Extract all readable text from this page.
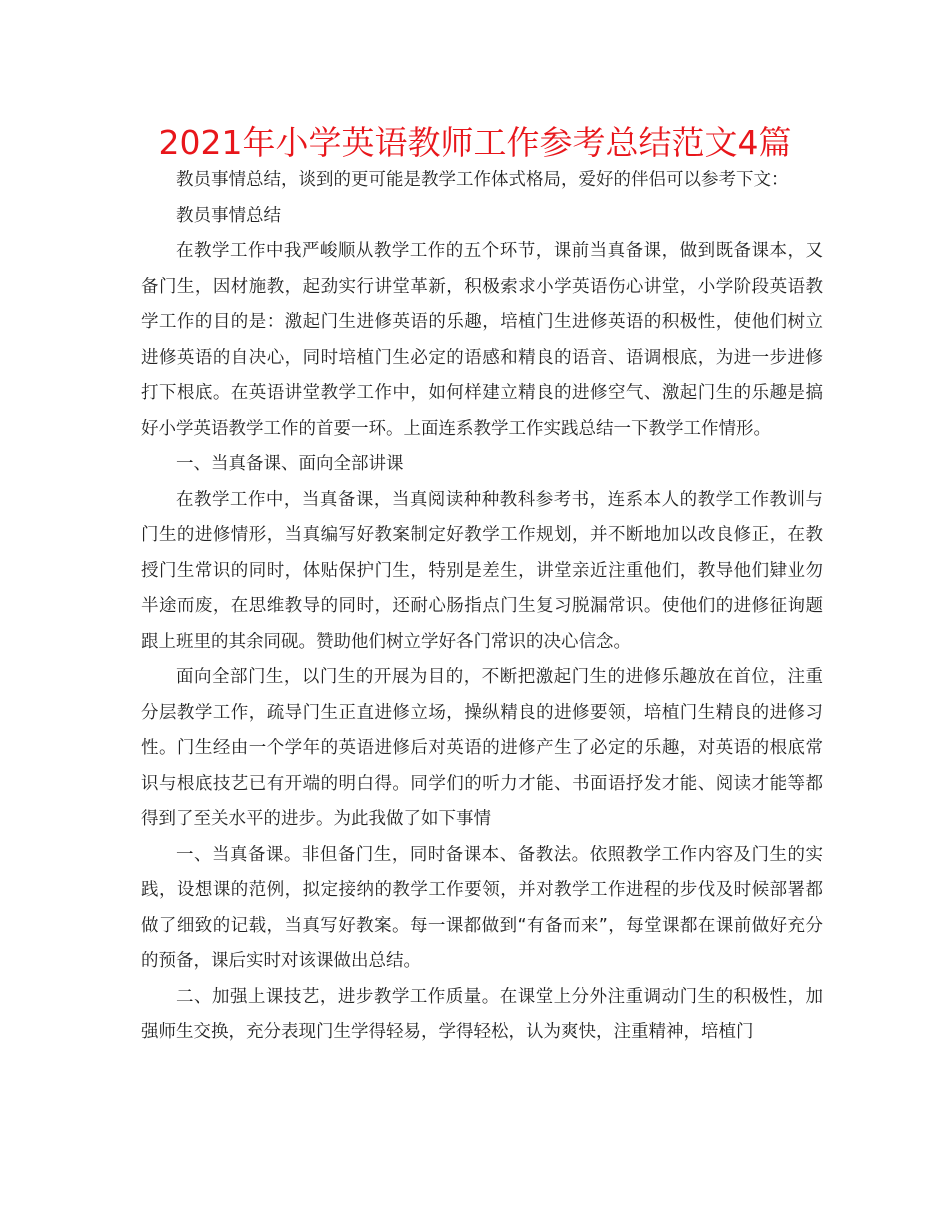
2021年小学英语教师工作参考总结范文4篇

教员事情总结，谈到的更可能是教学工作体式格局，爱好的伴侣可以参考下文：

教员事情总结

在教学工作中我严峻顺从教学工作的五个环节，课前当真备课，做到既备课本，又备门生，因材施教，起劲实行讲堂革新，积极索求小学英语伤心讲堂，小学阶段英语教学工作的目的是：激起门生进修英语的乐趣，培植门生进修英语的积极性，使他们树立进修英语的自决心，同时培植门生必定的语感和精良的语音、语调根底，为进一步进修打下根底。在英语讲堂教学工作中，如何样建立精良的进修空气、激起门生的乐趣是搞好小学英语教学工作的首要一环。上面连系教学工作实践总结一下教学工作情形。

一、当真备课、面向全部讲课

在教学工作中，当真备课，当真阅读种种教科参考书，连系本人的教学工作教训与门生的进修情形，当真编写好教案制定好教学工作规划，并不断地加以改良修正，在教授门生常识的同时，体贴保护门生，特别是差生，讲堂亲近注重他们，教导他们肄业勿半途而废，在思维教导的同时，还耐心肠指点门生复习脱漏常识。使他们的进修征询题跟上班里的其余同砚。赞助他们树立学好各门常识的决心信念。

面向全部门生，以门生的开展为目的，不断把激起门生的进修乐趣放在首位，注重分层教学工作，疏导门生正直进修立场，操纵精良的进修要领，培植门生精良的进修习性。门生经由一个学年的英语进修后对英语的进修产生了必定的乐趣，对英语的根底常识与根底技艺已有开端的明白得。同学们的听力才能、书面语抒发才能、阅读才能等都得到了至关水平的进步。为此我做了如下事情

一、当真备课。非但备门生，同时备课本、备教法。依照教学工作内容及门生的实践，设想课的范例，拟定接纳的教学工作要领，并对教学工作进程的步伐及时候部署都做了细致的记载，当真写好教案。每一课都做到“有备而来”，每堂课都在课前做好充分的预备，课后实时对该课做出总结。

二、加强上课技艺，进步教学工作质量。在课堂上分外注重调动门生的积极性，加强师生交换，充分表现门生学得轻易，学得轻松，认为爽快，注重精神，培植门
